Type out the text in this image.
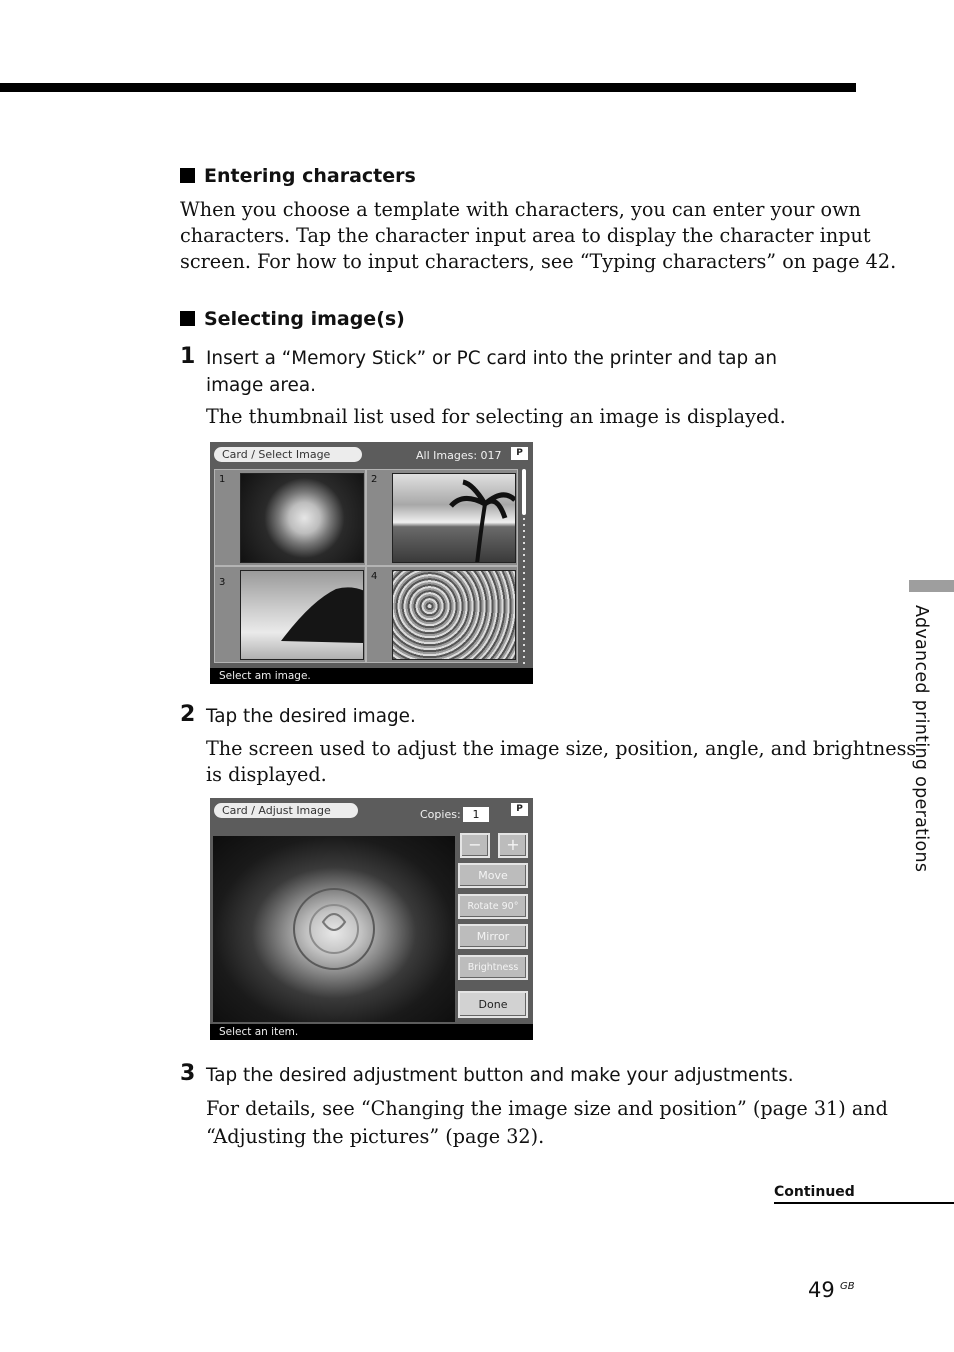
Entering characters
When you choose a template with characters, you can enter your own
characters. Tap the character input area to display the character input
screen. For how to input characters, see “Typing characters” on page 42.
Selecting image(s)
1 Insert a “Memory Stick” or PC card into the printer and tap an
image area.
The thumbnail list used for selecting an image is displayed.
Card / Select Image	All Images: 017	P
1	2
3
4
Select am image.
2 Tap the desired image.
The screen used to adjust the image size, position, angle, and brightness
is displayed.
Card / Adjust Image	Copies:	1	P
−	+
Move
Rotate 90°
Mirror
Brightness
Done
Select an item.
3 Tap the desired adjustment button and make your adjustments.
For details, see “Changing the image size and position” (page 31) and
“Adjusting the pictures” (page 32).
Advanced printing operations
Continued
49 GB
